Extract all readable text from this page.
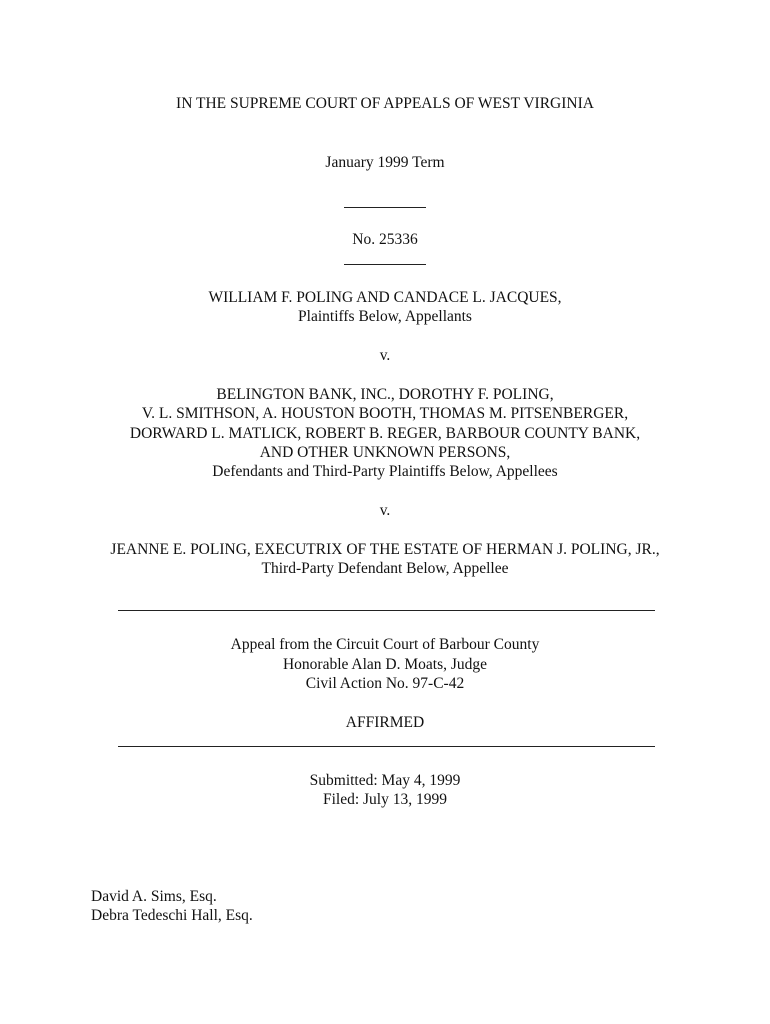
IN THE SUPREME COURT OF APPEALS OF WEST VIRGINIA
January 1999 Term
No. 25336
WILLIAM F. POLING AND CANDACE L. JACQUES,
Plaintiffs Below, Appellants
v.
BELINGTON BANK, INC., DOROTHY F. POLING,
V. L. SMITHSON, A. HOUSTON BOOTH, THOMAS M. PITSENBERGER,
DORWARD L. MATLICK, ROBERT B. REGER, BARBOUR COUNTY BANK,
AND OTHER UNKNOWN PERSONS,
Defendants and Third-Party Plaintiffs Below, Appellees
v.
JEANNE E. POLING, EXECUTRIX OF THE ESTATE OF HERMAN J. POLING, JR.,
Third-Party Defendant Below, Appellee
Appeal from the Circuit Court of Barbour County
Honorable Alan D. Moats, Judge
Civil Action No. 97-C-42
AFFIRMED
Submitted: May 4, 1999
Filed: July 13, 1999
David A. Sims, Esq.
Debra Tedeschi Hall, Esq.
